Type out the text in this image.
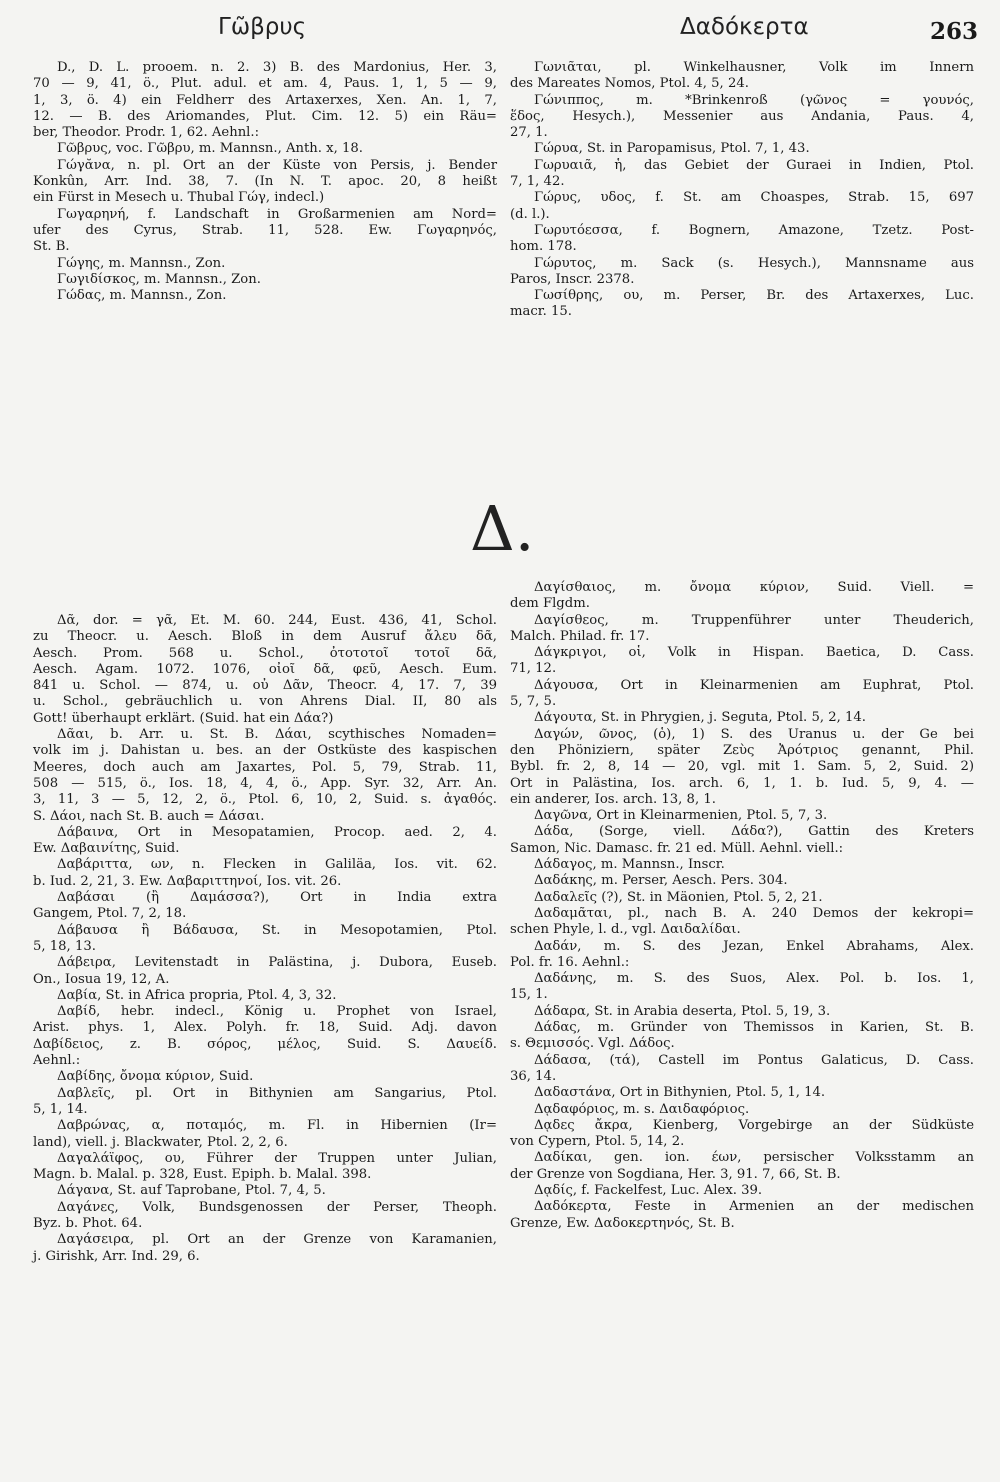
Γῶβρυς	Δαδόκερτα	263
D., D. L. prooem. n. 2. 3) B. des Mardonius, Her. 3,
70 — 9, 41, ö., Plut. adul. et am. 4, Paus. 1, 1, 5 — 9,
1, 3, ö. 4) ein Feldherr des Artaxerxes, Xen. An. 1, 7,
12. — B. des Ariomandes, Plut. Cim. 12. 5) ein Räu=
ber, Theodor. Prodr. 1, 62. Aehnl.:
Γῶβρυς, voc. Γῶβρυ, m. Mannsn., Anth. x, 18.
Γώγᾰνα, n. pl. Ort an der Küste von Persis, j. Bender
Konkûn, Arr. Ind. 38, 7. (In N. T. apoc. 20, 8 heißt
ein Fürst in Mesech u. Thubal Γώγ, indecl.)
Γωγαρηνή, f. Landschaft in Großarmenien am Nord=
ufer des Cyrus, Strab. 11, 528. Ew. Γωγαρηνός,
St. B.
Γώγης, m. Mannsn., Zon.
Γωγιδίσκος, m. Mannsn., Zon.
Γώδας, m. Mannsn., Zon.
Γωνιᾶται, pl. Winkelhausner, Volk im Innern
des Mareates Nomos, Ptol. 4, 5, 24.
Γώνιππος, m. *Brinkenroß (γῶνος = γουνός,
ἕδος, Hesych.), Messenier aus Andania, Paus. 4,
27, 1.
Γώρυα, St. in Paropamisus, Ptol. 7, 1, 43.
Γωρυαιᾶ, ἡ, das Gebiet der Guraei in Indien, Ptol.
7, 1, 42.
Γώρυς, υδος, f. St. am Choaspes, Strab. 15, 697
(d. l.).
Γωρυτόεσσα, f. Bognern, Amazone, Tzetz. Post-
hom. 178.
Γώρυτος, m. Sack (s. Hesych.), Mannsname aus
Paros, Inscr. 2378.
Γωσίθρης, ου, m. Perser, Br. des Artaxerxes, Luc.
macr. 15.
Δ.
Δᾶ, dor. = γᾶ, Et. M. 60. 244, Eust. 436, 41, Schol.
zu Theocr. u. Aesch. Bloß in dem Ausruf ἄλευ δᾶ,
Aesch. Prom. 568 u. Schol., ὀτοτοτοῖ τοτοῖ δᾶ,
Aesch. Agam. 1072. 1076, οἰοῖ δᾶ, φεῦ, Aesch. Eum.
841 u. Schol. — 874, u. οὐ Δᾶν, Theocr. 4, 17. 7, 39
u. Schol., gebräuchlich u. von Ahrens Dial. II, 80 als
Gott! überhaupt erklärt. (Suid. hat ein Δάα?)
Δᾶαι, b. Arr. u. St. B. Δάαι, scythisches Nomaden=
volk im j. Dahistan u. bes. an der Ostküste des kaspischen
Meeres, doch auch am Jaxartes, Pol. 5, 79, Strab. 11,
508 — 515, ö., Ios. 18, 4, 4, ö., App. Syr. 32, Arr. An.
3, 11, 3 — 5, 12, 2, ö., Ptol. 6, 10, 2, Suid. s. ἀγαθός.
S. Δάοι, nach St. B. auch = Δάσαι.
Δάβαινα, Ort in Mesopatamien, Procop. aed. 2, 4.
Ew. Δαβαινίτης, Suid.
Δαβάριττα, ων, n. Flecken in Galiläa, Ios. vit. 62.
b. Iud. 2, 21, 3. Ew. Δαβαριττηνοί, Ios. vit. 26.
Δαβάσαι (ἢ Δαμάσσα?), Ort in India extra
Gangem, Ptol. 7, 2, 18.
Δάβαυσα ἢ Βάδαυσα, St. in Mesopotamien, Ptol.
5, 18, 13.
Δάβειρα, Levitenstadt in Palästina, j. Dubora, Euseb.
On., Iosua 19, 12, A.
Δαβία, St. in Africa propria, Ptol. 4, 3, 32.
Δαβίδ, hebr. indecl., König u. Prophet von Israel,
Arist. phys. 1, Alex. Polyh. fr. 18, Suid. Adj. davon
Δαβίδειος, z. B. σόρος, μέλος, Suid. S. Δαυείδ.
Aehnl.:
Δαβίδης, ὄνομα κύριον, Suid.
Δαβλεῖς, pl. Ort in Bithynien am Sangarius, Ptol.
5, 1, 14.
Δαβρώνας, α, ποταμός, m. Fl. in Hibernien (Ir=
land), viell. j. Blackwater, Ptol. 2, 2, 6.
Δαγαλάϊφος, ου, Führer der Truppen unter Julian,
Magn. b. Malal. p. 328, Eust. Epiph. b. Malal. 398.
Δάγανα, St. auf Taprobane, Ptol. 7, 4, 5.
Δαγάνες, Volk, Bundsgenossen der Perser, Theoph.
Byz. b. Phot. 64.
Δαγάσειρα, pl. Ort an der Grenze von Karamanien,
j. Girishk, Arr. Ind. 29, 6.
Δαγίσθαιος, m. ὄνομα κύριον, Suid. Viell. =
dem Flgdm.
Δαγίσθεος, m. Truppenführer unter Theuderich,
Malch. Philad. fr. 17.
Δάγκριγοι, οἱ, Volk in Hispan. Baetica, D. Cass.
71, 12.
Δάγουσα, Ort in Kleinarmenien am Euphrat, Ptol.
5, 7, 5.
Δάγουτα, St. in Phrygien, j. Seguta, Ptol. 5, 2, 14.
Δαγών, ῶνος, (ὁ), 1) S. des Uranus u. der Ge bei
den Phöniziern, später Ζεὺς Ἀρότριος genannt, Phil.
Bybl. fr. 2, 8, 14 — 20, vgl. mit 1. Sam. 5, 2, Suid. 2)
Ort in Palästina, Ios. arch. 6, 1, 1. b. Iud. 5, 9, 4. —
ein anderer, Ios. arch. 13, 8, 1.
Δαγῶνα, Ort in Kleinarmenien, Ptol. 5, 7, 3.
Δάδα, (Sorge, viell. Δάδα?), Gattin des Kreters
Samon, Nic. Damasc. fr. 21 ed. Müll. Aehnl. viell.:
Δάδαγος, m. Mannsn., Inscr.
Δαδάκης, m. Perser, Aesch. Pers. 304.
Δαδαλεῖς (?), St. in Mäonien, Ptol. 5, 2, 21.
Δαδαμᾶται, pl., nach B. A. 240 Demos der kekropi=
schen Phyle, l. d., vgl. Δαιδαλίδαι.
Δαδάν, m. S. des Jezan, Enkel Abrahams, Alex.
Pol. fr. 16. Aehnl.:
Δαδάνης, m. S. des Suos, Alex. Pol. b. Ios. 1,
15, 1.
Δάδαρα, St. in Arabia deserta, Ptol. 5, 19, 3.
Δάδας, m. Gründer von Themissos in Karien, St. B.
s. Θεμισσός. Vgl. Δάδος.
Δάδασα, (τά), Castell im Pontus Galaticus, D. Cass.
36, 14.
Δαδαστάνα, Ort in Bithynien, Ptol. 5, 1, 14.
Δᾳδαφόριος, m. s. Δαιδαφόριος.
Δᾳδες ἄκρα, Kienberg, Vorgebirge an der Südküste
von Cypern, Ptol. 5, 14, 2.
Δαδίκαι, gen. ion. έων, persischer Volksstamm an
der Grenze von Sogdiana, Her. 3, 91. 7, 66, St. B.
Δᾳδίς, f. Fackelfest, Luc. Alex. 39.
Δαδόκερτα, Feste in Armenien an der medischen
Grenze, Ew. Δαδοκερτηνός, St. B.
